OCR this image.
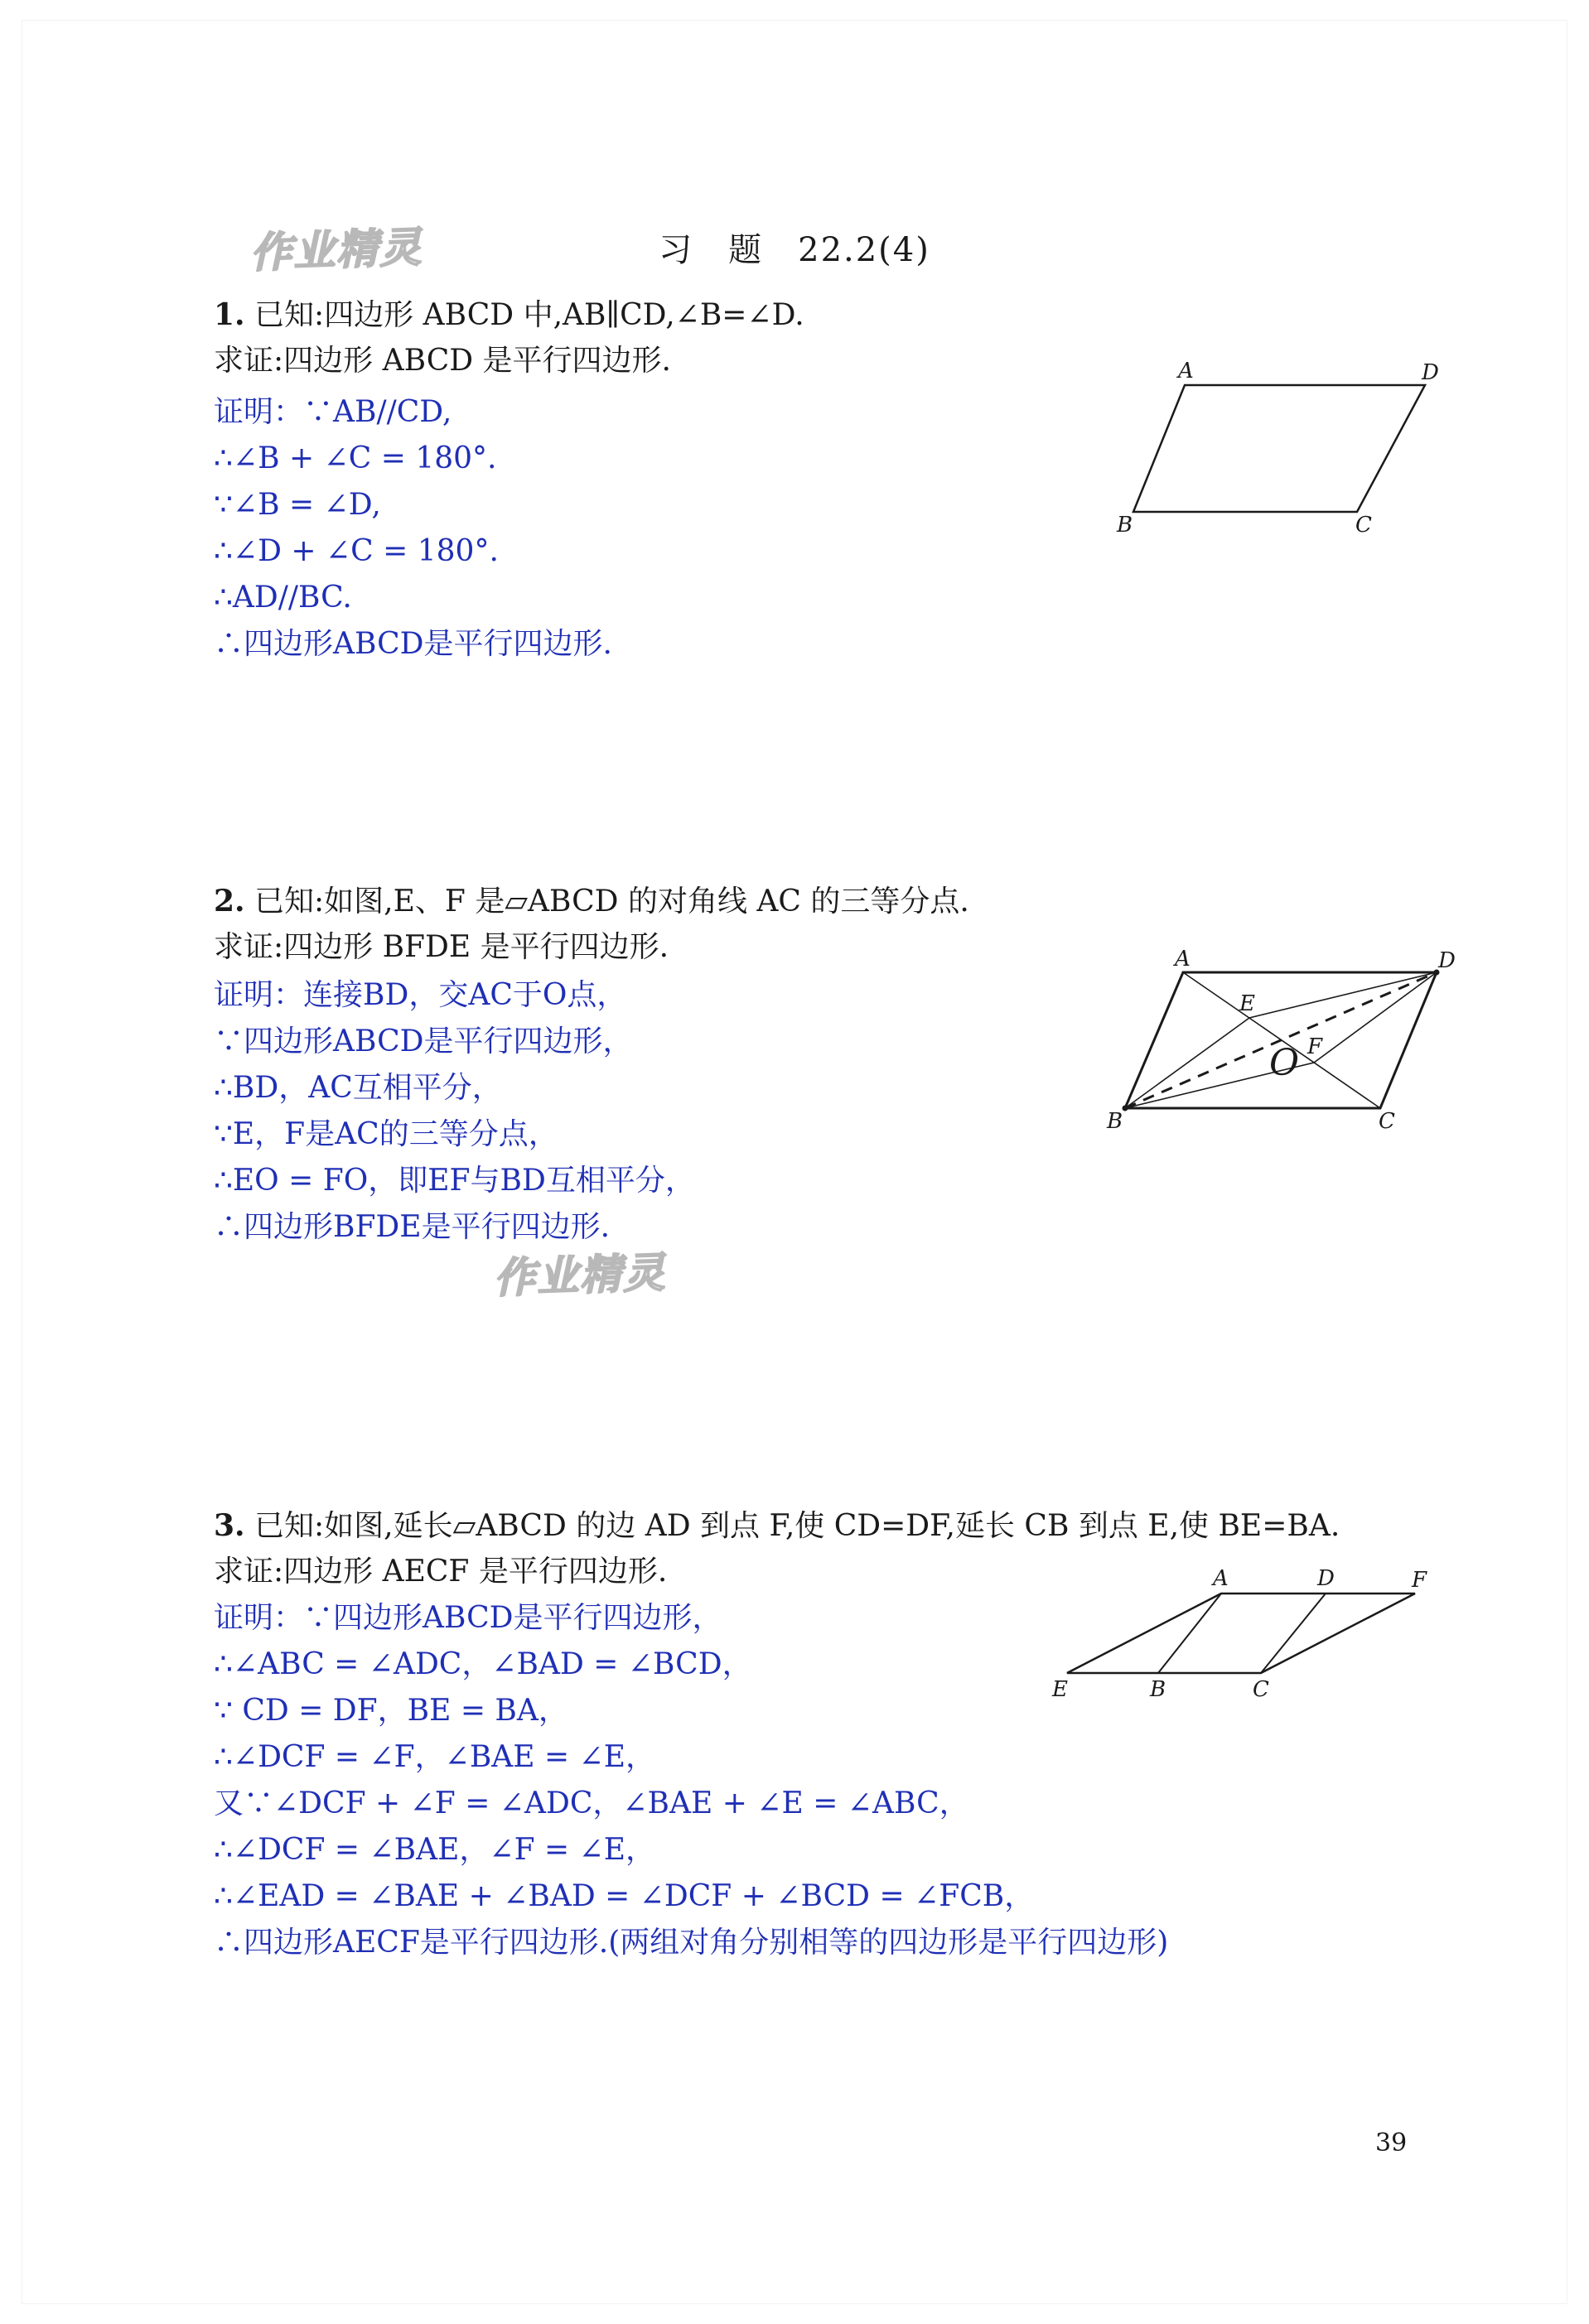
习　题　22.2(4)
作业精灵
作业精灵
1. 已知:四边形 ABCD 中,AB∥CD,∠B=∠D.
求证:四边形 ABCD 是平行四边形.
证明：∵AB//CD,
∴∠B + ∠C = 180°.
∵∠B = ∠D,
∴∠D + ∠C = 180°.
∴AD//BC.
∴四边形ABCD是平行四边形.
A	D
B	C
2. 已知:如图,E、F 是▱ABCD 的对角线 AC 的三等分点.
求证:四边形 BFDE 是平行四边形.
证明：连接BD，交AC于O点，
∵四边形ABCD是平行四边形，
∴BD，AC互相平分，
∵E，F是AC的三等分点，
∴EO = FO，即EF与BD互相平分，
∴四边形BFDE是平行四边形.
A	D
E
F
O
B	C
3. 已知:如图,延长▱ABCD 的边 AD 到点 F,使 CD=DF,延长 CB 到点 E,使 BE=BA.
求证:四边形 AECF 是平行四边形.
证明：∵四边形ABCD是平行四边形，
∴∠ABC = ∠ADC，∠BAD = ∠BCD，
∵ CD = DF，BE = BA，
∴∠DCF = ∠F，∠BAE = ∠E，
又∵∠DCF + ∠F = ∠ADC，∠BAE + ∠E = ∠ABC，
∴∠DCF = ∠BAE，∠F = ∠E，
∴∠EAD = ∠BAE + ∠BAD = ∠DCF + ∠BCD = ∠FCB，
∴四边形AECF是平行四边形.(两组对角分别相等的四边形是平行四边形)
A	D	F
E	B	C
39
